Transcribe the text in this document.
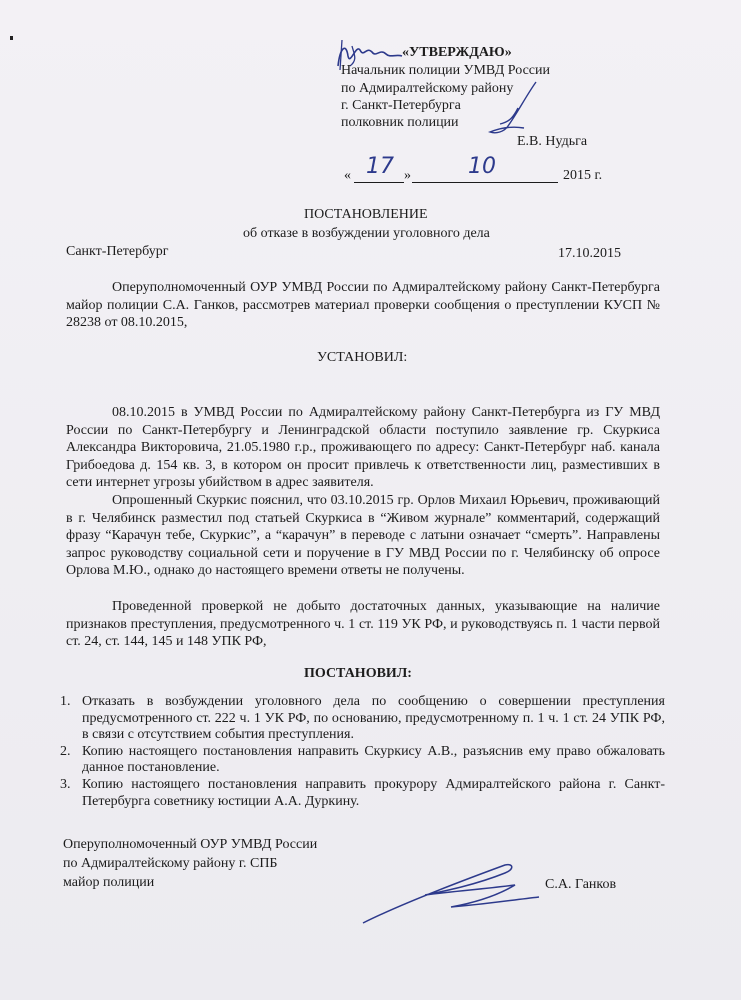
«УТВЕРЖДАЮ»
Начальник полиции УМВД России
по Адмиралтейскому району
г. Санкт-Петербурга
полковник полиции
Е.В. Нудьга
« 17 »	10	2015 г.
ПОСТАНОВЛЕНИЕ
об отказе в возбуждении уголовного дела
Санкт-Петербург	17.10.2015
Оперуполномоченный ОУР УМВД России по Адмиралтейскому району Санкт-Петербурга майор полиции С.А. Ганков, рассмотрев материал проверки сообщения о преступлении КУСП № 28238 от 08.10.2015,
УСТАНОВИЛ:
08.10.2015 в УМВД России по Адмиралтейскому району Санкт-Петербурга из ГУ МВД России по Санкт-Петербургу и Ленинградской области поступило заявление гр. Скуркиса Александра Викторовича, 21.05.1980 г.р., проживающего по адресу: Санкт-Петербург наб. канала Грибоедова д. 154 кв. 3, в котором он просит привлечь к ответственности лиц, разместивших в сети интернет угрозы убийством в адрес заявителя.
Опрошенный Скуркис пояснил, что 03.10.2015 гр. Орлов Михаил Юрьевич, проживающий в г. Челябинск разместил под статьей Скуркиса в “Живом журнале” комментарий, содержащий фразу “Карачун тебе, Скуркис”, а “карачун” в переводе с латыни означает “смерть”. Направлены запрос руководству социальной сети и поручение в ГУ МВД России по г. Челябинску об опросе Орлова М.Ю., однако до настоящего времени ответы не получены.
Проведенной проверкой не добыто достаточных данных, указывающие на наличие признаков преступления, предусмотренного ч. 1 ст. 119 УК РФ, и руководствуясь п. 1 части первой ст. 24, ст. 144, 145 и 148 УПК РФ,
ПОСТАНОВИЛ:
1. Отказать в возбуждении уголовного дела по сообщению о совершении преступления предусмотренного ст. 222 ч. 1 УК РФ, по основанию, предусмотренному п. 1 ч. 1 ст. 24 УПК РФ, в связи с отсутствием события преступления.
2. Копию настоящего постановления направить Скуркису А.В., разъяснив ему право обжаловать данное постановление.
3. Копию настоящего постановления направить прокурору Адмиралтейского района г. Санкт-Петербурга советнику юстиции А.А. Дуркину.
Оперуполномоченный ОУР УМВД России
по Адмиралтейскому району г. СПБ
майор полиции	С.А. Ганков
